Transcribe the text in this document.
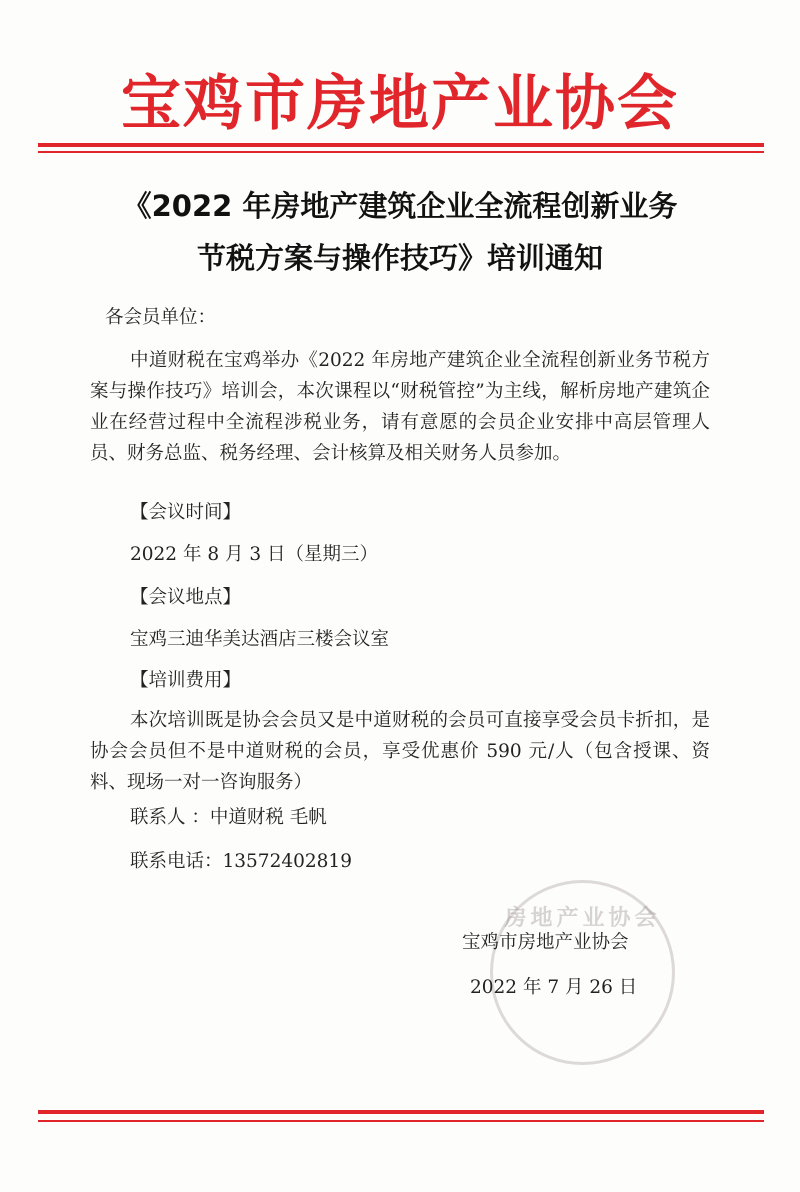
宝鸡市房地产业协会
《2022 年房地产建筑企业全流程创新业务
节税方案与操作技巧》培训通知
各会员单位：
中道财税在宝鸡举办《2022 年房地产建筑企业全流程创新业务节税方案与操作技巧》培训会，本次课程以“财税管控”为主线，解析房地产建筑企业在经营过程中全流程涉税业务，请有意愿的会员企业安排中高层管理人员、财务总监、税务经理、会计核算及相关财务人员参加。
【会议时间】
2022 年 8 月 3 日（星期三）
【会议地点】
宝鸡三迪华美达酒店三楼会议室
【培训费用】
本次培训既是协会会员又是中道财税的会员可直接享受会员卡折扣，是协会会员但不是中道财税的会员，享受优惠价 590 元/人（包含授课、资料、现场一对一咨询服务）
联系人 ：中道财税 毛帆
联系电话：13572402819
房地产业协会
宝鸡市房地产业协会
2022 年 7 月 26 日
